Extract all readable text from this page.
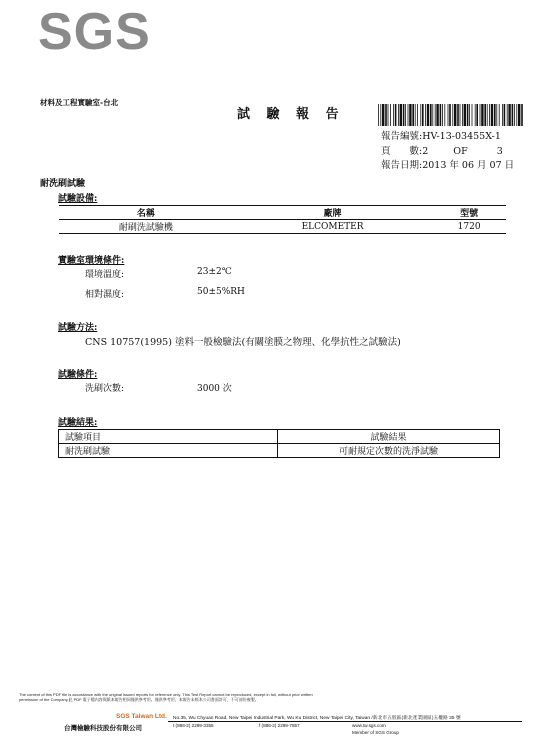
SGS
材料及工程實驗室-台北
試 驗 報 告
報告編號:HV-13-03455X-1
頁　　數:2	OF	3
報告日期:2013 年 06 月 07 日
耐洗刷試驗
試驗設備:
名稱	廠牌	型號
耐刷洗試驗機	ELCOMETER	1720
實驗室環境條件:
環境溫度:	23±2℃
相對濕度:	50±5%RH
試驗方法:
CNS 10757(1995) 塗料一般檢驗法(有關塗膜之物理、化學抗性之試驗法)
試驗條件:
洗刷次數:	3000 次
試驗結果:
試驗項目	試驗結果
耐洗刷試驗	可耐規定次數的洗淨試驗
The content of this PDF file is accordance with the original issued reports for reference only. This Test Report cannot be reproduced, except in full, without prior written
permission of the Company.此 PDF 電子檔內容與紙本報告相同僅供參考用。僅供參考用，本報告未經本公司書面許可，不可部份複製。
SGS Taiwan Ltd.
台灣檢驗科技股份有限公司
No.35, Wu Chyuan Road, New Taipei Industrial Park, Wu Ku District, New Taipei City, Taiwan /新北市五股區(新北產業園區)五權路 35 號
t (886-2) 2299-3355	f (886-2) 2299-7857	www.tw.sgs.com
Member of SGS Group
